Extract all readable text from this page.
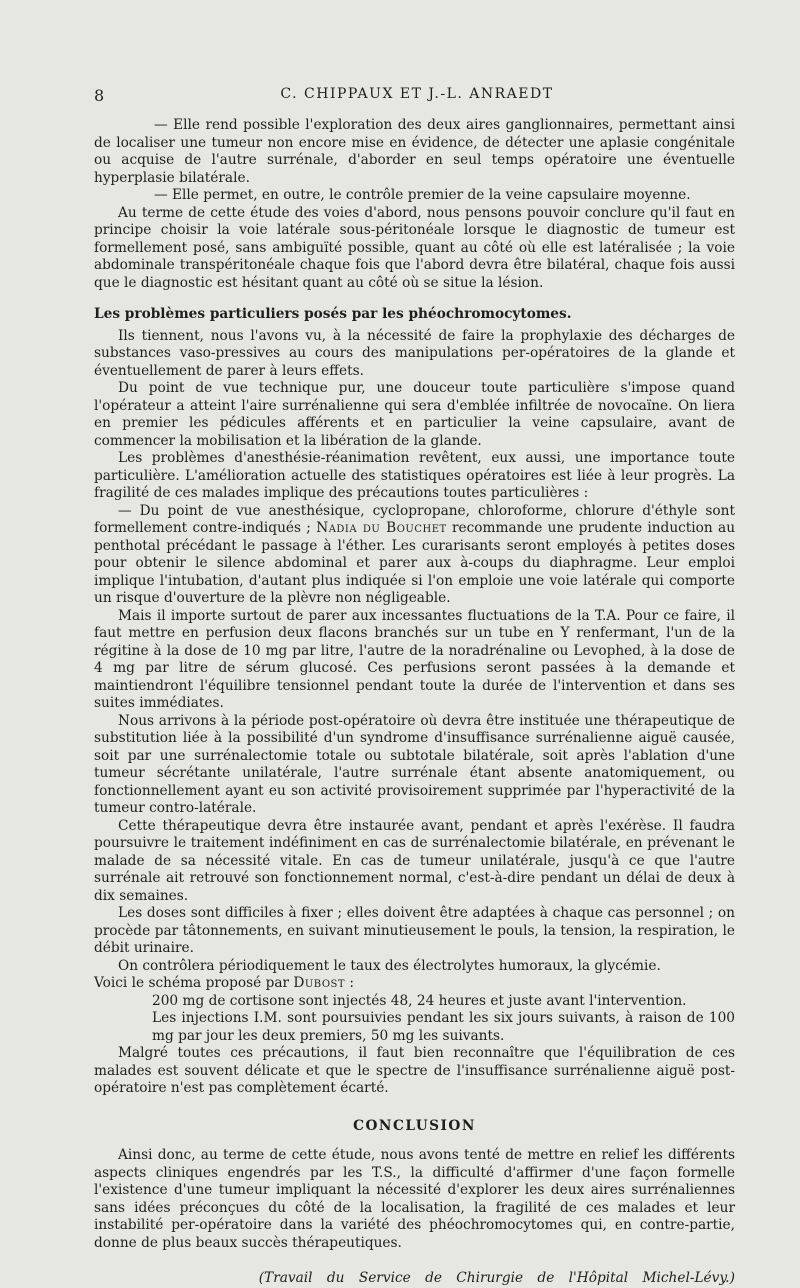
8	C. CHIPPAUX ET J.-L. ANRAEDT

— Elle rend possible l'exploration des deux aires ganglionnaires, permettant ainsi de localiser une tumeur non encore mise en évidence, de détecter une aplasie congénitale ou acquise de l'autre surrénale, d'aborder en seul temps opératoire une éventuelle hyperplasie bilatérale.

— Elle permet, en outre, le contrôle premier de la veine capsulaire moyenne.

Au terme de cette étude des voies d'abord, nous pensons pouvoir conclure qu'il faut en principe choisir la voie latérale sous-péritonéale lorsque le diagnostic de tumeur est formellement posé, sans ambiguïté possible, quant au côté où elle est latéralisée ; la voie abdominale transpéritonéale chaque fois que l'abord devra être bilatéral, chaque fois aussi que le diagnostic est hésitant quant au côté où se situe la lésion.

Les problèmes particuliers posés par les phéochromocytomes.

Ils tiennent, nous l'avons vu, à la nécessité de faire la prophylaxie des décharges de substances vaso-pressives au cours des manipulations per-opératoires de la glande et éventuellement de parer à leurs effets.

Du point de vue technique pur, une douceur toute particulière s'impose quand l'opérateur a atteint l'aire surrénalienne qui sera d'emblée infiltrée de novocaïne. On liera en premier les pédicules afférents et en particulier la veine capsulaire, avant de commencer la mobilisation et la libération de la glande.

Les problèmes d'anesthésie-réanimation revêtent, eux aussi, une importance toute particulière. L'amélioration actuelle des statistiques opératoires est liée à leur progrès. La fragilité de ces malades implique des précautions toutes particulières :

— Du point de vue anesthésique, cyclopropane, chloroforme, chlorure d'éthyle sont formellement contre-indiqués ; Nadia du Bouchet recommande une prudente induction au penthotal précédant le passage à l'éther. Les curarisants seront employés à petites doses pour obtenir le silence abdominal et parer aux à-coups du diaphragme. Leur emploi implique l'intubation, d'autant plus indiquée si l'on emploie une voie latérale qui comporte un risque d'ouverture de la plèvre non négligeable.

Mais il importe surtout de parer aux incessantes fluctuations de la T.A. Pour ce faire, il faut mettre en perfusion deux flacons branchés sur un tube en Y renfermant, l'un de la régitine à la dose de 10 mg par litre, l'autre de la noradrénaline ou Levophed, à la dose de 4 mg par litre de sérum glucosé. Ces perfusions seront passées à la demande et maintiendront l'équilibre tensionnel pendant toute la durée de l'intervention et dans ses suites immédiates.

Nous arrivons à la période post-opératoire où devra être instituée une thérapeutique de substitution liée à la possibilité d'un syndrome d'insuffisance surrénalienne aiguë causée, soit par une surrénalectomie totale ou subtotale bilatérale, soit après l'ablation d'une tumeur sécrétante unilatérale, l'autre surrénale étant absente anatomiquement, ou fonctionnellement ayant eu son activité provisoirement supprimée par l'hyperactivité de la tumeur contro-latérale.

Cette thérapeutique devra être instaurée avant, pendant et après l'exérèse. Il faudra poursuivre le traitement indéfiniment en cas de surrénalectomie bilatérale, en prévenant le malade de sa nécessité vitale. En cas de tumeur unilatérale, jusqu'à ce que l'autre surrénale ait retrouvé son fonctionnement normal, c'est-à-dire pendant un délai de deux à dix semaines.

Les doses sont difficiles à fixer ; elles doivent être adaptées à chaque cas personnel ; on procède par tâtonnements, en suivant minutieusement le pouls, la tension, la respiration, le débit urinaire.

On contrôlera périodiquement le taux des électrolytes humoraux, la glycémie.

Voici le schéma proposé par Dubost :

200 mg de cortisone sont injectés 48, 24 heures et juste avant l'intervention.

Les injections I.M. sont poursuivies pendant les six jours suivants, à raison de 100 mg par jour les deux premiers, 50 mg les suivants.

Malgré toutes ces précautions, il faut bien reconnaître que l'équilibration de ces malades est souvent délicate et que le spectre de l'insuffisance surrénalienne aiguë post-opératoire n'est pas complètement écarté.

CONCLUSION

Ainsi donc, au terme de cette étude, nous avons tenté de mettre en relief les différents aspects cliniques engendrés par les T.S., la difficulté d'affirmer d'une façon formelle l'existence d'une tumeur impliquant la nécessité d'explorer les deux aires surrénaliennes sans idées préconçues du côté de la localisation, la fragilité de ces malades et leur instabilité per-opératoire dans la variété des phéochromocytomes qui, en contre-partie, donne de plus beaux succès thérapeutiques.

(Travail du Service de Chirurgie de l'Hôpital Michel-Lévy.)
